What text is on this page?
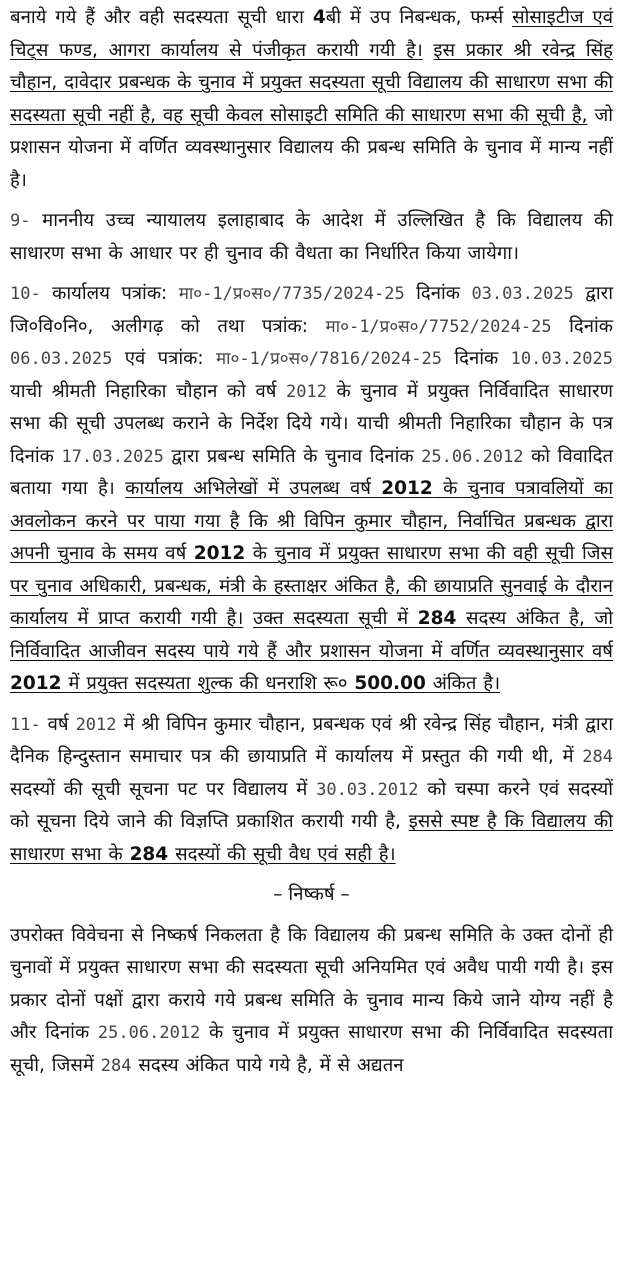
बनाये गये हैं और वही सदस्यता सूची धारा 4बी में उप निबन्धक, फर्म्स सोसाइटीज एवं चिट्स फण्ड, आगरा कार्यालय से पंजीकृत करायी गयी है। इस प्रकार श्री रवेन्द्र सिंह चौहान, दावेदार प्रबन्धक के चुनाव में प्रयुक्त सदस्यता सूची विद्यालय की साधारण सभा की सदस्यता सूची नहीं है, वह सूची केवल सोसाइटी समिति की साधारण सभा की सूची है, जो प्रशासन योजना में वर्णित व्यवस्थानुसार विद्यालय की प्रबन्ध समिति के चुनाव में मान्य नहीं है।

9- माननीय उच्च न्यायालय इलाहाबाद के आदेश में उल्लिखित है कि विद्यालय की साधारण सभा के आधार पर ही चुनाव की वैधता का निर्धारित किया जायेगा।

10- कार्यालय पत्रांक: मा०-1/प्र०स०/7735/2024-25 दिनांक 03.03.2025 द्वारा जि०वि०नि०, अलीगढ़ को तथा पत्रांक: मा०-1/प्र०स०/7752/2024-25 दिनांक 06.03.2025 एवं पत्रांक: मा०-1/प्र०स०/7816/2024-25 दिनांक 10.03.2025 याची श्रीमती निहारिका चौहान को वर्ष 2012 के चुनाव में प्रयुक्त निर्विवादित साधारण सभा की सूची उपलब्ध कराने के निर्देश दिये गये। याची श्रीमती निहारिका चौहान के पत्र दिनांक 17.03.2025 द्वारा प्रबन्ध समिति के चुनाव दिनांक 25.06.2012 को विवादित बताया गया है। कार्यालय अभिलेखों में उपलब्ध वर्ष 2012 के चुनाव पत्रावलियों का अवलोकन करने पर पाया गया है कि श्री विपिन कुमार चौहान, निर्वाचित प्रबन्धक द्वारा अपनी चुनाव के समय वर्ष 2012 के चुनाव में प्रयुक्त साधारण सभा की वही सूची जिस पर चुनाव अधिकारी, प्रबन्धक, मंत्री के हस्ताक्षर अंकित है, की छायाप्रति सुनवाई के दौरान कार्यालय में प्राप्त करायी गयी है। उक्त सदस्यता सूची में 284 सदस्य अंकित है, जो निर्विवादित आजीवन सदस्य पाये गये हैं और प्रशासन योजना में वर्णित व्यवस्थानुसार वर्ष 2012 में प्रयुक्त सदस्यता शुल्क की धनराशि रू० 500.00 अंकित है।

11- वर्ष 2012 में श्री विपिन कुमार चौहान, प्रबन्धक एवं श्री रवेन्द्र सिंह चौहान, मंत्री द्वारा दैनिक हिन्दुस्तान समाचार पत्र की छायाप्रति में कार्यालय में प्रस्तुत की गयी थी, में 284 सदस्यों की सूची सूचना पट पर विद्यालय में 30.03.2012 को चस्पा करने एवं सदस्यों को सूचना दिये जाने की विज्ञप्ति प्रकाशित करायी गयी है, इससे स्पष्ट है कि विद्यालय की साधारण सभा के 284 सदस्यों की सूची वैध एवं सही है।

– निष्कर्ष –

उपरोक्त विवेचना से निष्कर्ष निकलता है कि विद्यालय की प्रबन्ध समिति के उक्त दोनों ही चुनावों में प्रयुक्त साधारण सभा की सदस्यता सूची अनियमित एवं अवैध पायी गयी है। इस प्रकार दोनों पक्षों द्वारा कराये गये प्रबन्ध समिति के चुनाव मान्य किये जाने योग्य नहीं है और दिनांक 25.06.2012 के चुनाव में प्रयुक्त साधारण सभा की निर्विवादित सदस्यता सूची, जिसमें 284 सदस्य अंकित पाये गये है, में से अद्यतन
